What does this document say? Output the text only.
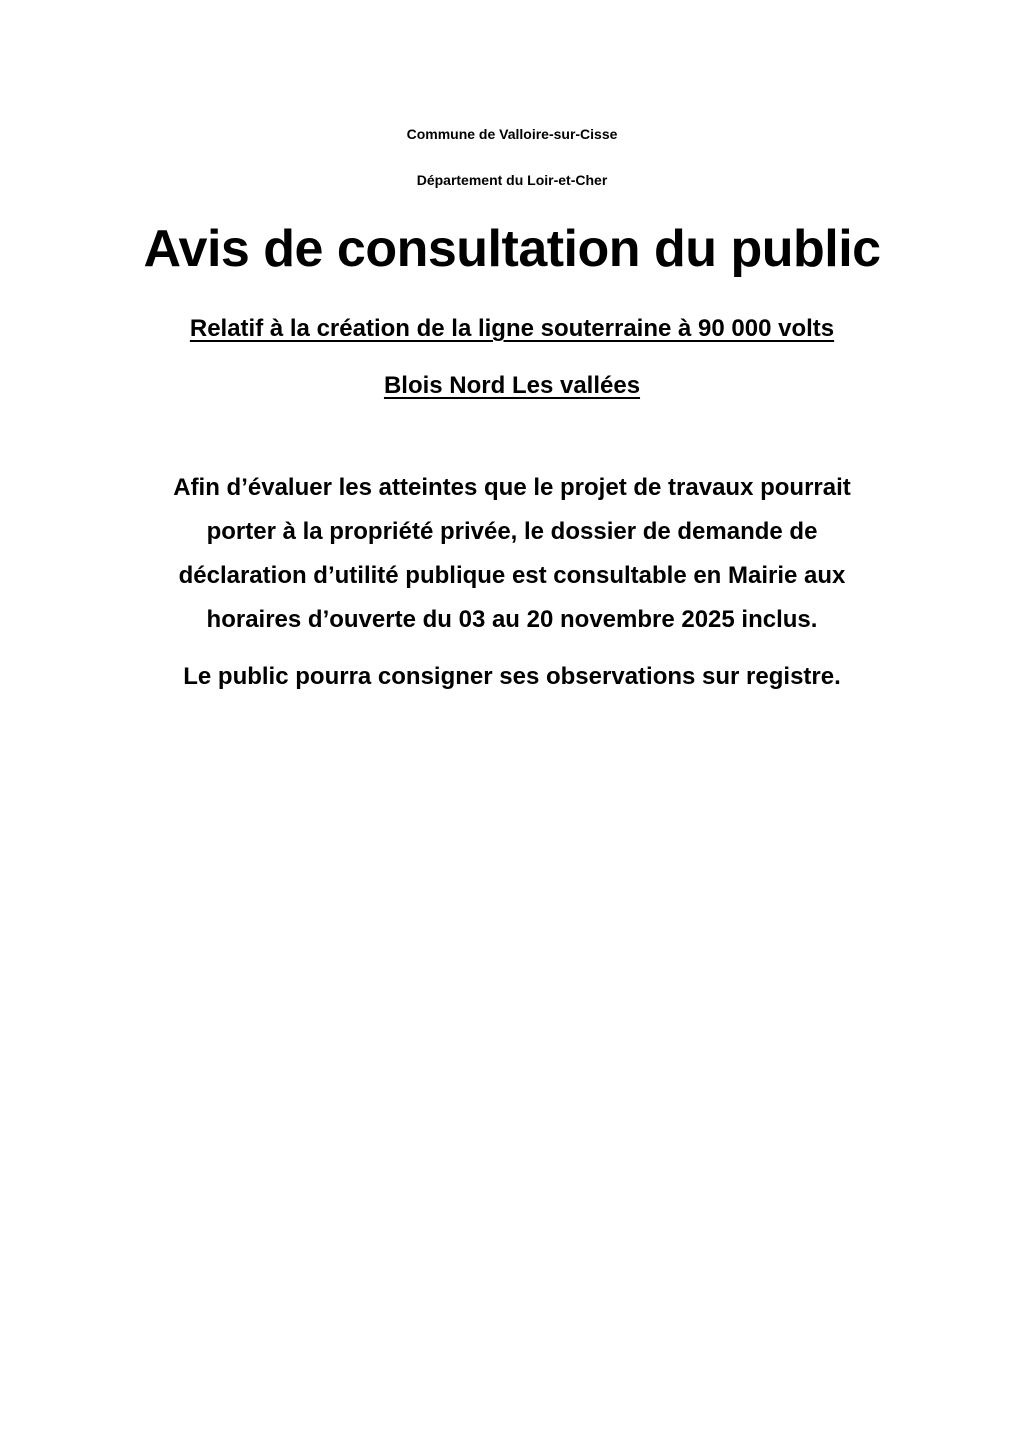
Commune de Valloire-sur-Cisse

Département du Loir-et-Cher

Avis de consultation du public

Relatif à la création de la ligne souterraine à 90 000 volts

Blois Nord Les vallées

Afin d’évaluer les atteintes que le projet de travaux pourrait

porter à la propriété privée, le dossier de demande de

déclaration d’utilité publique est consultable en Mairie aux

horaires d’ouverte du 03 au 20 novembre 2025 inclus.

Le public pourra consigner ses observations sur registre.
